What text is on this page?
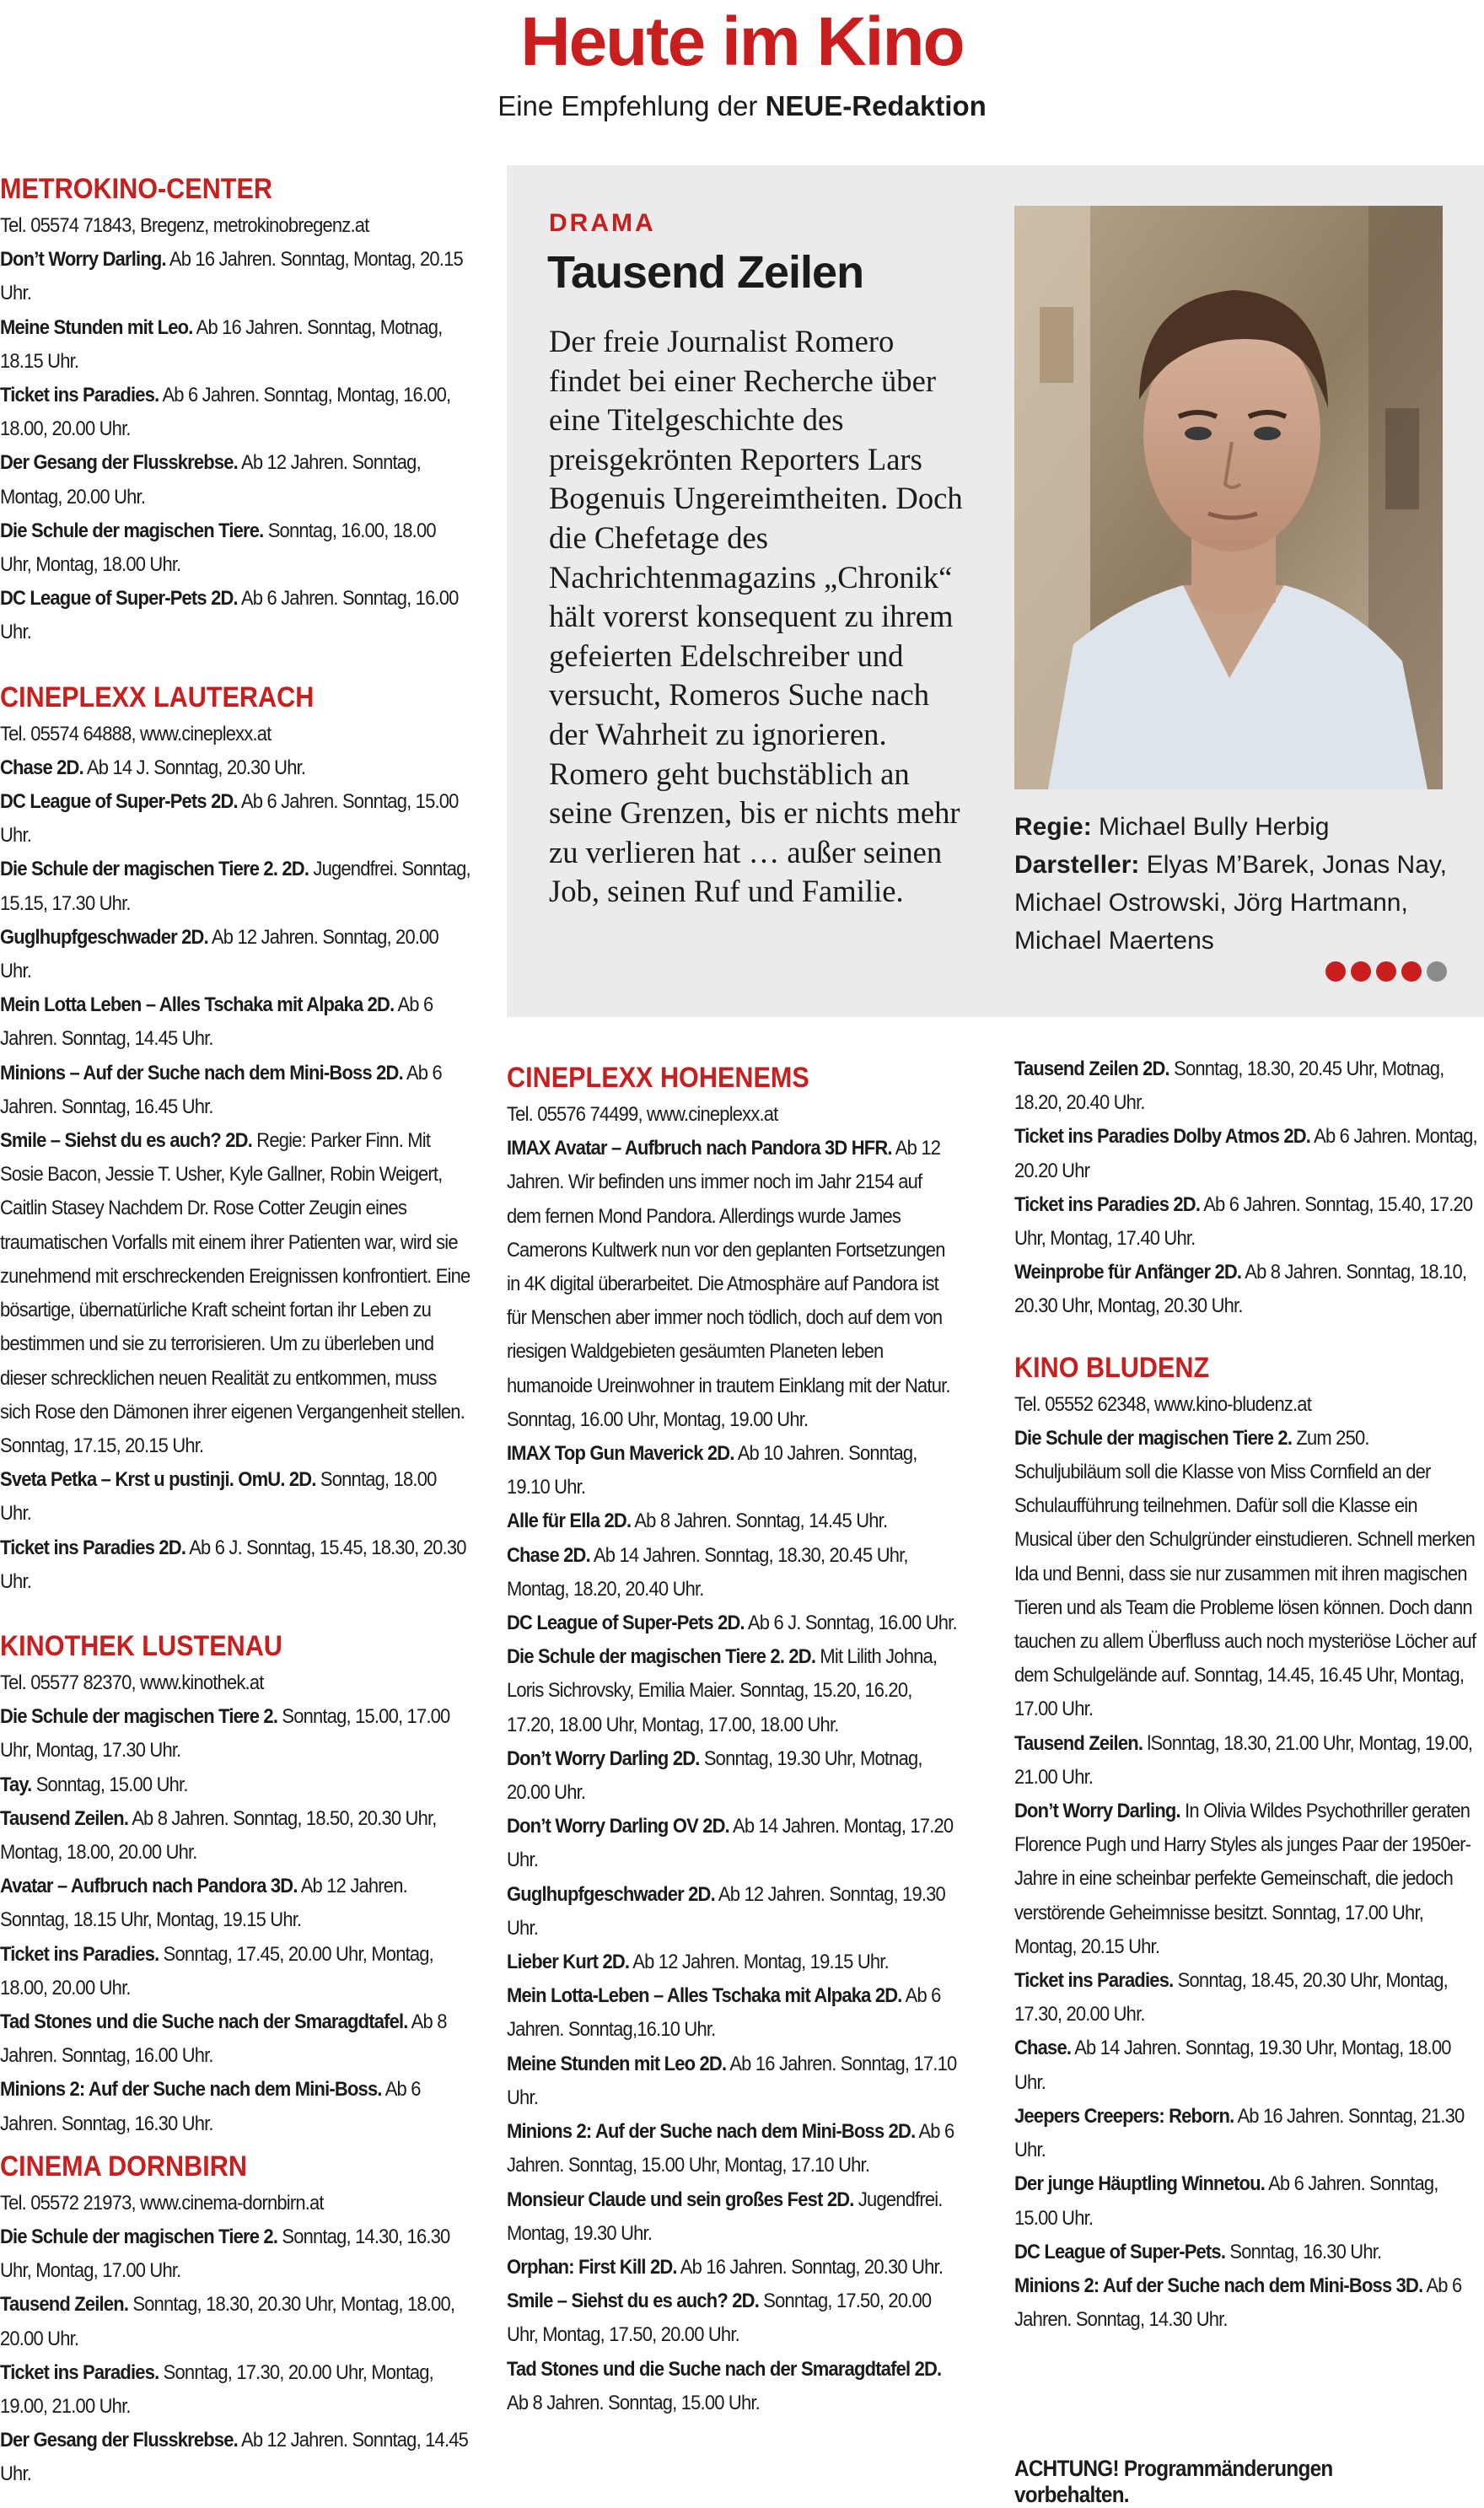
Heute im Kino
Eine Empfehlung der NEUE-Redaktion
METROKINO-CENTER
Tel. 05574 71843, Bregenz, metrokinobregenz.at
Don’t Worry Darling. Ab 16 Jahren. Sonntag, Montag, 20.15 Uhr.
Meine Stunden mit Leo. Ab 16 Jahren. Sonntag, Motnag, 18.15 Uhr.
Ticket ins Paradies. Ab 6 Jahren. Sonntag, Montag, 16.00, 18.00, 20.00 Uhr.
Der Gesang der Flusskrebse. Ab 12 Jahren. Sonntag, Montag, 20.00 Uhr.
Die Schule der magischen Tiere. Sonntag, 16.00, 18.00 Uhr, Montag, 18.00 Uhr.
DC League of Super-Pets 2D. Ab 6 Jahren. Sonntag, 16.00 Uhr.
CINEPLEXX LAUTERACH
Tel. 05574 64888, www.cineplexx.at
Chase 2D. Ab 14 J. Sonntag, 20.30 Uhr.
DC League of Super-Pets 2D. Ab 6 Jahren. Sonntag, 15.00 Uhr.
Die Schule der magischen Tiere 2. 2D. Jugendfrei. Sonntag, 15.15, 17.30 Uhr.
Guglhupfgeschwader 2D. Ab 12 Jahren. Sonntag, 20.00 Uhr.
Mein Lotta Leben – Alles Tschaka mit Alpaka 2D. Ab 6 Jahren. Sonntag, 14.45 Uhr.
Minions – Auf der Suche nach dem Mini-Boss 2D. Ab 6 Jahren. Sonntag, 16.45 Uhr.
Smile – Siehst du es auch? 2D. Regie: Parker Finn. Mit Sosie Bacon, Jessie T. Usher, Kyle Gallner, Robin Weigert, Caitlin Stasey Nachdem Dr. Rose Cotter Zeugin eines traumatischen Vorfalls mit einem ihrer Patienten war, wird sie zunehmend mit erschreckenden Ereignissen konfrontiert. Eine bösartige, übernatürliche Kraft scheint fortan ihr Leben zu bestimmen und sie zu terrorisieren. Um zu überleben und dieser schrecklichen neuen Realität zu entkommen, muss sich Rose den Dämonen ihrer eigenen Vergangenheit stellen. Sonntag, 17.15, 20.15 Uhr.
Sveta Petka – Krst u pustinji. OmU. 2D. Sonntag, 18.00 Uhr.
Ticket ins Paradies 2D. Ab 6 J. Sonntag, 15.45, 18.30, 20.30 Uhr.
KINOTHEK LUSTENAU
Tel. 05577 82370, www.kinothek.at
Die Schule der magischen Tiere 2. Sonntag, 15.00, 17.00 Uhr, Montag, 17.30 Uhr.
Tay. Sonntag, 15.00 Uhr.
Tausend Zeilen. Ab 8 Jahren. Sonntag, 18.50, 20.30 Uhr, Montag, 18.00, 20.00 Uhr.
Avatar – Aufbruch nach Pandora 3D. Ab 12 Jahren. Sonntag, 18.15 Uhr, Montag, 19.15 Uhr.
Ticket ins Paradies. Sonntag, 17.45, 20.00 Uhr, Montag, 18.00, 20.00 Uhr.
Tad Stones und die Suche nach der Smaragdtafel. Ab 8 Jahren. Sonntag, 16.00 Uhr.
Minions 2: Auf der Suche nach dem Mini-Boss. Ab 6 Jahren. Sonntag, 16.30 Uhr.
CINEMA DORNBIRN
Tel. 05572 21973, www.cinema-dornbirn.at
Die Schule der magischen Tiere 2. Sonntag, 14.30, 16.30 Uhr, Montag, 17.00 Uhr.
Tausend Zeilen. Sonntag, 18.30, 20.30 Uhr, Montag, 18.00, 20.00 Uhr.
Ticket ins Paradies. Sonntag, 17.30, 20.00 Uhr, Montag, 19.00, 21.00 Uhr.
Der Gesang der Flusskrebse. Ab 12 Jahren. Sonntag, 14.45 Uhr.
DRAMA
Tausend Zeilen
Der freie Journalist Romero findet bei einer Recherche über eine Titelgeschichte des preisgekrönten Reporters Lars Bogenuis Ungereimtheiten. Doch die Chefetage des Nachrichtenmagazins „Chronik“ hält vorerst konsequent zu ihrem gefeierten Edelschreiber und versucht, Romeros Suche nach der Wahrheit zu ignorieren. Romero geht buchstäblich an seine Grenzen, bis er nichts mehr zu verlieren hat … außer seinen Job, seinen Ruf und Familie.
Regie: Michael Bully Herbig
Darsteller: Elyas M’Barek, Jonas Nay, Michael Ostrowski, Jörg Hartmann, Michael Maertens
CINEPLEXX HOHENEMS
Tel. 05576 74499, www.cineplexx.at
IMAX Avatar – Aufbruch nach Pandora 3D HFR. Ab 12 Jahren. Wir befinden uns immer noch im Jahr 2154 auf dem fernen Mond Pandora. Allerdings wurde James Camerons Kultwerk nun vor den geplanten Fortsetzungen in 4K digital überarbeitet. Die Atmosphäre auf Pandora ist für Menschen aber immer noch tödlich, doch auf dem von riesigen Waldgebieten gesäumten Planeten leben humanoide Ureinwohner in trautem Einklang mit der Natur. Sonntag, 16.00 Uhr, Montag, 19.00 Uhr.
IMAX Top Gun Maverick 2D. Ab 10 Jahren. Sonntag, 19.10 Uhr.
Alle für Ella 2D. Ab 8 Jahren. Sonntag, 14.45 Uhr.
Chase 2D. Ab 14 Jahren. Sonntag, 18.30, 20.45 Uhr, Montag, 18.20, 20.40 Uhr.
DC League of Super-Pets 2D. Ab 6 J. Sonntag, 16.00 Uhr.
Die Schule der magischen Tiere 2. 2D. Mit Lilith Johna, Loris Sichrovsky, Emilia Maier. Sonntag, 15.20, 16.20, 17.20, 18.00 Uhr, Montag, 17.00, 18.00 Uhr.
Don’t Worry Darling 2D. Sonntag, 19.30 Uhr, Motnag, 20.00 Uhr.
Don’t Worry Darling OV 2D. Ab 14 Jahren. Montag, 17.20 Uhr.
Guglhupfgeschwader 2D. Ab 12 Jahren. Sonntag, 19.30 Uhr.
Lieber Kurt 2D. Ab 12 Jahren. Montag, 19.15 Uhr.
Mein Lotta-Leben – Alles Tschaka mit Alpaka 2D. Ab 6 Jahren. Sonntag,16.10 Uhr.
Meine Stunden mit Leo 2D. Ab 16 Jahren. Sonntag, 17.10 Uhr.
Minions 2: Auf der Suche nach dem Mini-Boss 2D. Ab 6 Jahren. Sonntag, 15.00 Uhr, Montag, 17.10 Uhr.
Monsieur Claude und sein großes Fest 2D. Jugendfrei. Montag, 19.30 Uhr.
Orphan: First Kill 2D. Ab 16 Jahren. Sonntag, 20.30 Uhr.
Smile – Siehst du es auch? 2D. Sonntag, 17.50, 20.00 Uhr, Montag, 17.50, 20.00 Uhr.
Tad Stones und die Suche nach der Smaragdtafel 2D. Ab 8 Jahren. Sonntag, 15.00 Uhr.
Tausend Zeilen 2D. Sonntag, 18.30, 20.45 Uhr, Motnag, 18.20, 20.40 Uhr.
Ticket ins Paradies Dolby Atmos 2D. Ab 6 Jahren. Montag, 20.20 Uhr
Ticket ins Paradies 2D. Ab 6 Jahren. Sonntag, 15.40, 17.20 Uhr, Montag, 17.40 Uhr.
Weinprobe für Anfänger 2D. Ab 8 Jahren. Sonntag, 18.10, 20.30 Uhr, Montag, 20.30 Uhr.
KINO BLUDENZ
Tel. 05552 62348, www.kino-bludenz.at
Die Schule der magischen Tiere 2. Zum 250. Schuljubiläum soll die Klasse von Miss Cornfield an der Schulaufführung teilnehmen. Dafür soll die Klasse ein Musical über den Schulgründer einstudieren. Schnell merken Ida und Benni, dass sie nur zusammen mit ihren magischen Tieren und als Team die Probleme lösen können. Doch dann tauchen zu allem Überfluss auch noch mysteriöse Löcher auf dem Schulgelände auf. Sonntag, 14.45, 16.45 Uhr, Montag, 17.00 Uhr.
Tausend Zeilen. lSonntag, 18.30, 21.00 Uhr, Montag, 19.00, 21.00 Uhr.
Don’t Worry Darling. In Olivia Wildes Psychothriller geraten Florence Pugh und Harry Styles als junges Paar der 1950er- Jahre in eine scheinbar perfekte Gemeinschaft, die jedoch verstörende Geheimnisse besitzt. Sonntag, 17.00 Uhr, Montag, 20.15 Uhr.
Ticket ins Paradies. Sonntag, 18.45, 20.30 Uhr, Montag, 17.30, 20.00 Uhr.
Chase. Ab 14 Jahren. Sonntag, 19.30 Uhr, Montag, 18.00 Uhr.
Jeepers Creepers: Reborn. Ab 16 Jahren. Sonntag, 21.30 Uhr.
Der junge Häuptling Winnetou. Ab 6 Jahren. Sonntag, 15.00 Uhr.
DC League of Super-Pets. Sonntag, 16.30 Uhr.
Minions 2: Auf der Suche nach dem Mini-Boss 3D. Ab 6 Jahren. Sonntag, 14.30 Uhr.
ACHTUNG! Programmänderungen vorbehalten.
